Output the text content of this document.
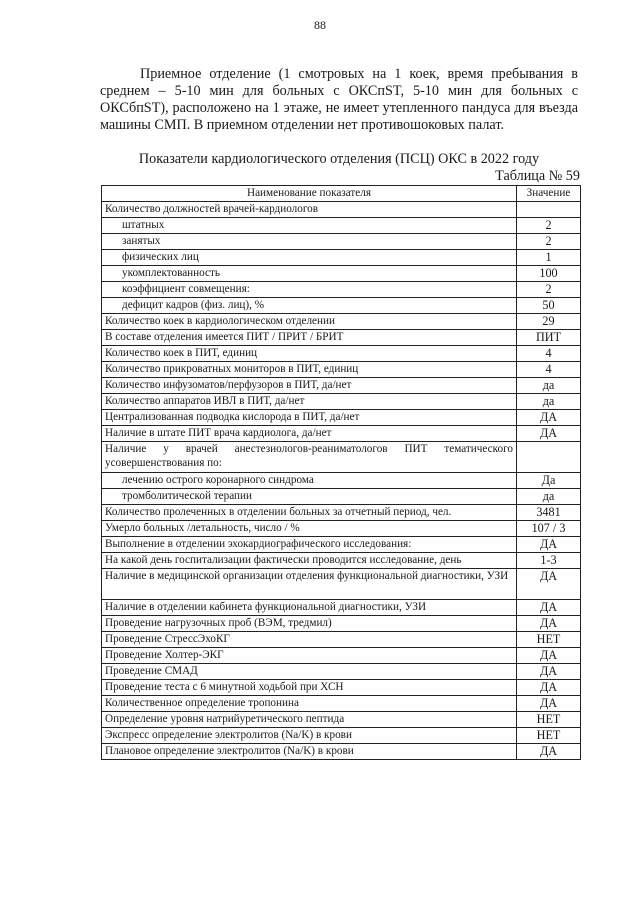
88

Приемное отделение (1 смотровых на 1 коек, время пребывания в среднем – 5-10 мин для больных с ОКСпST, 5-10 мин для больных с ОКСбпST), расположено на 1 этаже, не имеет утепленного пандуса для въезда машины СМП. В приемном отделении нет противошоковых палат.

Показатели кардиологического отделения (ПСЦ) ОКС в 2022 году
Таблица № 59
Наименование показателя	Значение
Количество должностей врачей-кардиологов	
штатных	2
занятых	2
физических лиц	1
укомплектованность	100
коэффициент совмещения:	2
дефицит кадров (физ. лиц), %	50
Количество коек в кардиологическом отделении	29
В составе отделения имеется ПИТ / ПРИТ / БРИТ	ПИТ
Количество коек в ПИТ, единиц	4
Количество прикроватных мониторов в ПИТ, единиц	4
Количество инфузоматов/перфузоров в ПИТ, да/нет	да
Количество аппаратов ИВЛ в ПИТ, да/нет	да
Централизованная подводка кислорода в ПИТ, да/нет	ДА
Наличие в штате ПИТ врача кардиолога, да/нет	ДА
Наличие у врачей анестезиологов-реаниматологов ПИТ тематического усовершенствования по:	
лечению острого коронарного синдрома	Да
тромболитической терапии	да
Количество пролеченных в отделении больных за отчетный период, чел.	3481
Умерло больных /летальность, число / %	107 / 3
Выполнение в отделении эхокардиографического исследования:	ДА
На какой день госпитализации фактически проводится исследование, день	1-3
Наличие в медицинской организации отделения функциональной диагностики, УЗИ	ДА
Наличие в отделении кабинета функциональной диагностики, УЗИ	ДА
Проведение нагрузочных проб (ВЭМ, тредмил)	ДА
Проведение СтрессЭхоКГ	НЕТ
Проведение Холтер-ЭКГ	ДА
Проведение СМАД	ДА
Проведение теста с 6 минутной ходьбой при ХСН	ДА
Количественное определение тропонина	ДА
Определение уровня натрийуретического пептида	НЕТ
Экспресс определение электролитов (Na/K) в крови	НЕТ
Плановое определение электролитов (Na/K) в крови	ДА
